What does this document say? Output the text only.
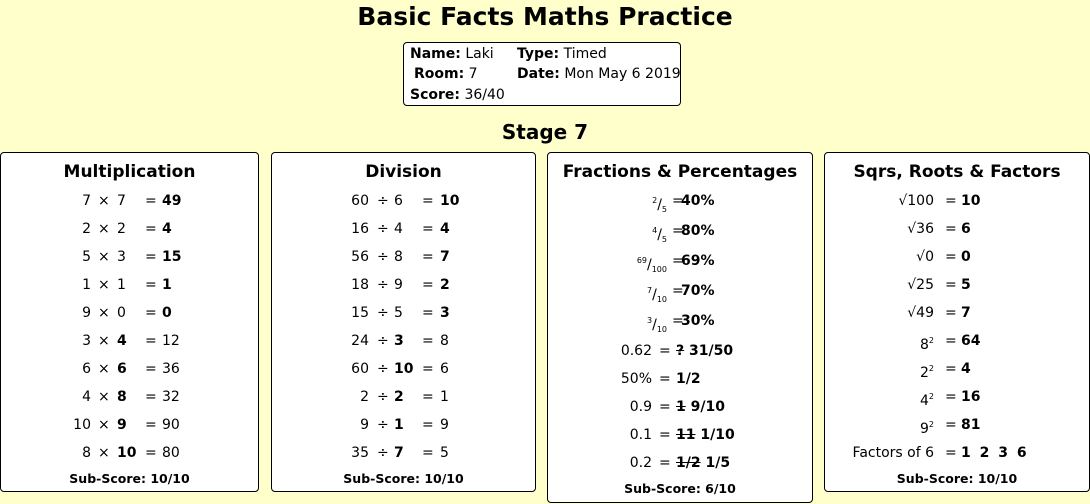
Basic Facts Maths Practice
Name: Laki Type: Timed
Room: 7	Date: Mon May 6 2019
Score: 36/40
Stage 7
Multiplication
7 × 7 = 49
2 × 2 = 4
5 × 3 = 15
1 × 1 = 1
9 × 0 = 0
3 × 4 = 12
6 × 6 = 36
4 × 8 = 32
10 × 9 = 90
8 × 10 = 80
Sub-Score: 10/10
Division
60 ÷ 6 = 10
16 ÷ 4 = 4
56 ÷ 8 = 7
18 ÷ 9 = 2
15 ÷ 5 = 3
24 ÷ 3 = 8
60 ÷ 10 = 6
2 ÷ 2 = 1
9 ÷ 1 = 9
35 ÷ 7 = 5
Sub-Score: 10/10
Fractions & Percentages
$^2/_5$
=
40%
$^4/_5$
=
80%
$^{69}/_{100}$
=
69%
$^7/_{10}$
=
70%
$^3/_{10}$
=
30%
0.62 = ? 31/50
50% = 1/2
0.9 = 1 9/10
0.1 = 11 1/10
0.2 = 1/2 1/5
Sub-Score: 6/10
Sqrs, Roots & Factors
√100 = 10
√36 = 6
√0 = 0
√25 = 5
√49 = 7
$8^2 = 64$
$2^2 = 4$
$4^2 = 16$
$9^2 = 81$
Factors of 6 = 1 2 3 6
Sub-Score: 10/10
